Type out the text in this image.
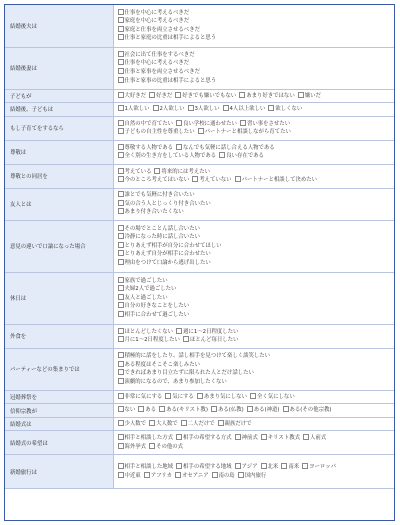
結婚後夫は	仕事を中心に考えるべきだ
家庭を中心に考えるべきだ
家庭と仕事を両立させるべきだ
仕事と家庭の比重は相手によると思う

結婚後妻は	社会に出て仕事をするべきだ
仕事を中心に考えるべきだ
仕事と家事を両立させるべきだ
仕事と家事の比重は相手によると思う

子どもが	大好きだ 好きだ 好きでも嫌いでもない あまり好きではない 嫌いだ

結婚後、子どもは	1人欲しい 2人欲しい 3人欲しい 4人以上欲しい 欲しくない

もし子育てをするなら	自然の中で育てたい 良い学校に通わせたい 習い事をさせたい
子どもの自主性を尊重したい パートナーと相談しながら育てたい

尊敬は	尊敬する人物である なんでも気軽に話し合える人物である
全く別の生き方をしている人物である 良い存在である

尊敬との同居を	考えている 将来的には考えたい
今のところ考えてはいない 考えていない パートナーと相談して決めたい

友人とは	誰とでも気軽に付き合いたい
気の合う人とじっくり付き合いたい
あまり付き合いたくない

意見の違いで口論になった場合	その場でとことん話し合いたい
冷静になった時に話し合いたい
とりあえず相手が自分に合わせてほしい
とりあえず自分が相手に合わせたい
理由をつけて口論から逃げ出したい

休日は	家族で過ごしたい
夫婦2人で過ごしたい
友人と過ごしたい
自分の好きなことをしたい
相手に合わせて過ごしたい

外食を	ほとんどしたくない 週に1〜2日程度したい
月に1〜2日程度したい ほとんど毎日したい

パーティーなどの集まりでは	積極的に話をしたり、話し相手を見つけて楽しく談笑したい
ある程度はそこそこ楽しみたい
できればあまり目立たずに限られた人とだけ話したい
演劇的になるので、あまり参加したくない

冠婚葬祭を	非常に気にする 気にする あまり気にしない 全く気にしない

信仰宗教が	ない ある ある(キリスト教) ある(仏教) ある(神道) ある(その他宗教)

結婚式は	少人数で 大人数で 二人だけで 親族だけで

結婚式の希望は	相手と相談した方式 相手の希望する方式 神前式 キリスト教式 人前式
海外挙式 その他の式

新婚旅行は	相手と相談した地域 相手の希望する地域 アジア 北米 南米 ヨーロッパ
中近東 アフリカ オセアニア 南の島 国内旅行
